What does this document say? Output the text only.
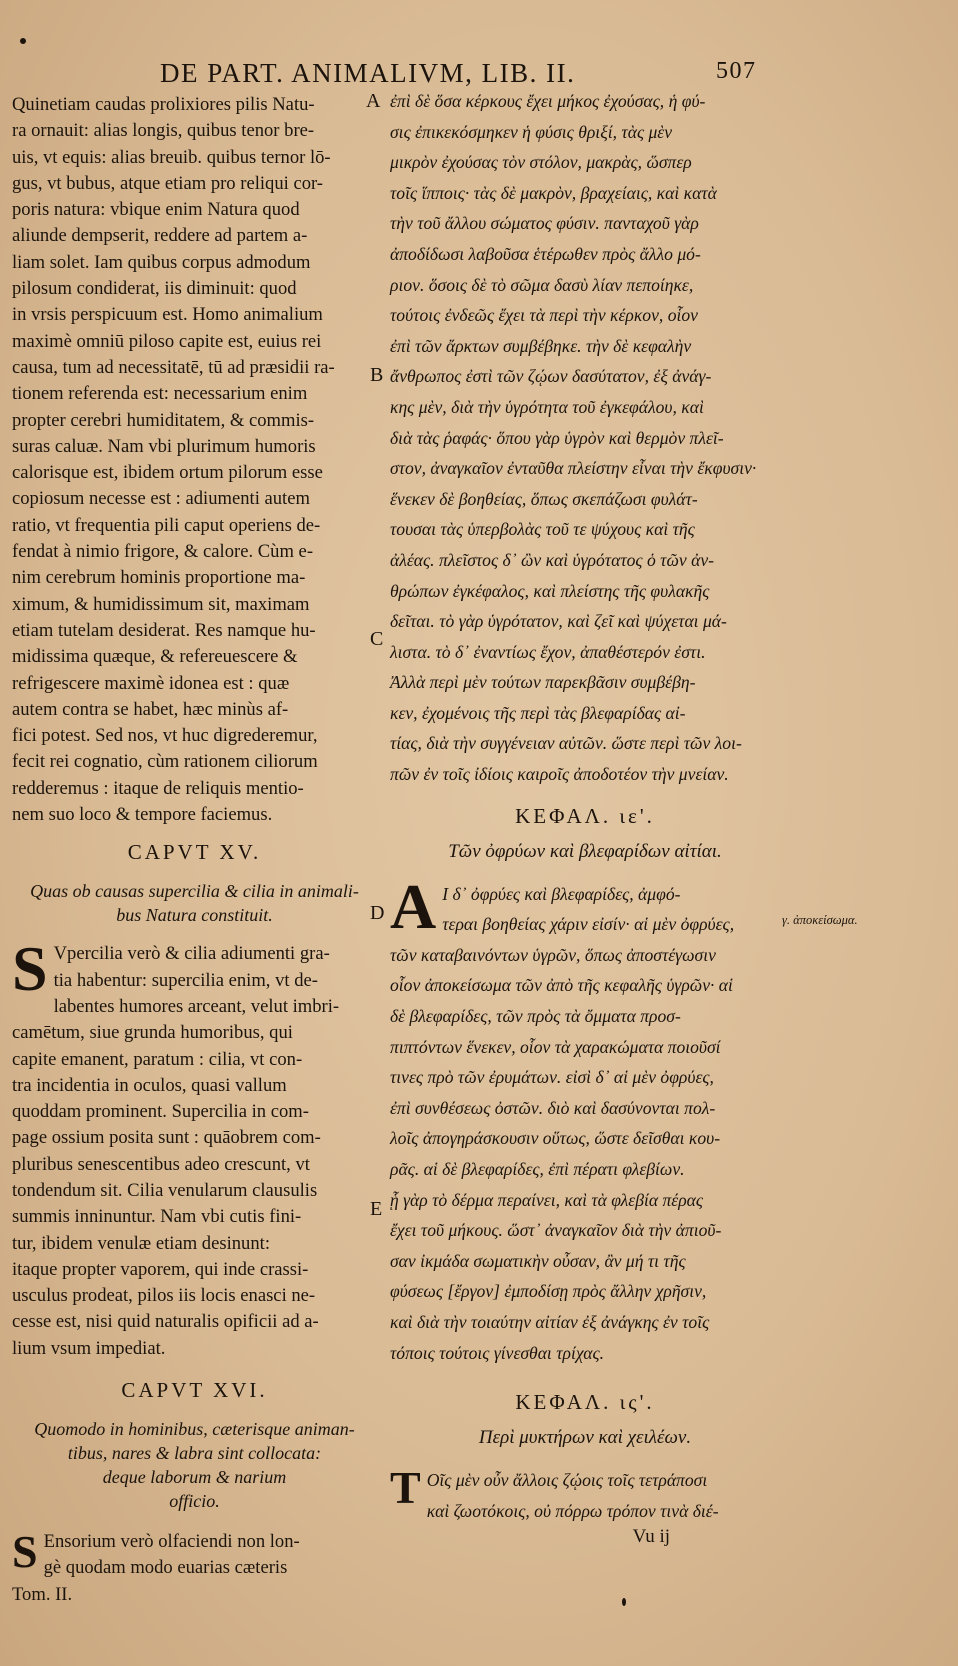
DE PART. ANIMALIVM, LIB. II.	507
Quinetiam caudas prolixiores pilis Natu-
ra ornauit: alias longis, quibus tenor bre-
uis, vt equis: alias breuib. quibus ternor lō-
gus, vt bubus, atque etiam pro reliqui cor-
poris natura: vbique enim Natura quod
aliunde dempserit, reddere ad partem a-
liam solet. Iam quibus corpus admodum
pilosum condiderat, iis diminuit: quod
in vrsis perspicuum est. Homo animalium
maximè omniū piloso capite est, euius rei
causa, tum ad necessitatē, tū ad præsidii ra-
tionem referenda est: necessarium enim
propter cerebri humiditatem, & commis-
suras caluæ. Nam vbi plurimum humoris
calorisque est, ibidem ortum pilorum esse
copiosum necesse est : adiumenti autem
ratio, vt frequentia pili caput operiens de-
fendat à nimio frigore, & calore. Cùm e-
nim cerebrum hominis proportione ma-
ximum, & humidissimum sit, maximam
etiam tutelam desiderat. Res namque hu-
midissima quæque, & refereuescere &
refrigescere maximè idonea est : quæ
autem contra se habet, hæc minùs af-
fici potest. Sed nos, vt huc digrederemur,
fecit rei cognatio, cùm rationem ciliorum
redderemus : itaque de reliquis mentio-
nem suo loco & tempore faciemus.
CAPVT XV.
Quas ob causas supercilia & cilia in animali-
bus Natura constituit.
S Vpercilia verò & cilia adiumenti gra-
tia habentur: supercilia enim, vt de-
labentes humores arceant, velut imbri-
camētum, siue grunda humoribus, qui
capite emanent, paratum : cilia, vt con-
tra incidentia in oculos, quasi vallum
quoddam prominent. Supercilia in com-
page ossium posita sunt : quāobrem com-
pluribus senescentibus adeo crescunt, vt
tondendum sit. Cilia venularum clausulis
summis inninuntur. Nam vbi cutis fini-
tur, ibidem venulæ etiam desinunt:
itaque propter vaporem, qui inde crassi-
usculus prodeat, pilos iis locis enasci ne-
cesse est, nisi quid naturalis opificii ad a-
lium vsum impediat.
CAPVT XVI.
Quomodo in hominibus, cæterisque animan-
tibus, nares & labra sint collocata:
deque laborum & narium
officio.
S Ensorium verò olfaciendi non lon-
gè quodam modo euarias cæteris
Tom. II.
ἐπὶ δὲ ὅσα κέρκους ἔχει μήκος ἐχούσας, ἡ φύ-
σις ἐπικεκόσμηκεν ἡ φύσις θριξί, τὰς μὲν
μικρὸν ἐχούσας τὸν στόλον, μακρὰς, ὥσπερ
τοῖς ἵπποις· τὰς δὲ μακρὸν, βραχείαις, καὶ κατὰ
τὴν τοῦ ἄλλου σώματος φύσιν. πανταχοῦ γὰρ
ἀποδίδωσι λαβοῦσα ἑτέρωθεν πρὸς ἄλλο μό-
ριον. ὅσοις δὲ τὸ σῶμα δασὺ λίαν πεποίηκε,
τούτοις ἐνδεῶς ἔχει τὰ περὶ τὴν κέρκον, οἷον
ἐπὶ τῶν ἄρκτων συμβέβηκε. τὴν δὲ κεφαλὴν
ἄνθρωπος ἐστὶ τῶν ζῴων δασύτατον, ἐξ ἀνάγ-
κης μὲν, διὰ τὴν ὑγρότητα τοῦ ἐγκεφάλου, καὶ
διὰ τὰς ῥαφάς· ὅπου γὰρ ὑγρὸν καὶ θερμὸν πλεῖ-
στον, ἀναγκαῖον ἐνταῦθα πλείστην εἶναι τὴν ἔκφυσιν·
ἕνεκεν δὲ βοηθείας, ὅπως σκεπάζωσι φυλάτ-
τουσαι τὰς ὑπερβολὰς τοῦ τε ψύχους καὶ τῆς
ἀλέας. πλεῖστος δ᾽ ὢν καὶ ὑγρότατος ὁ τῶν ἀν-
θρώπων ἐγκέφαλος, καὶ πλείστης τῆς φυλακῆς
δεῖται. τὸ γὰρ ὑγρότατον, καὶ ζεῖ καὶ ψύχεται μά-
λιστα. τὸ δ᾽ ἐναντίως ἔχον, ἀπαθέστερόν ἐστι.
Ἀλλὰ περὶ μὲν τούτων παρεκβᾶσιν συμβέβη-
κεν, ἐχομένοις τῆς περὶ τὰς βλεφαρίδας αἰ-
τίας, διὰ τὴν συγγένειαν αὐτῶν. ὥστε περὶ τῶν λοι-
πῶν ἐν τοῖς ἰδίοις καιροῖς ἀποδοτέον τὴν μνείαν.
ΚΕΦΑΛ. ιε'.
Τῶν ὀφρύων καὶ βλεφαρίδων αἰτίαι.
Α Ι δ᾽ ὀφρύες καὶ βλεφαρίδες, ἀμφό-
τεραι βοηθείας χάριν εἰσίν· αἱ μὲν ὀφρύες,
τῶν καταβαινόντων ὑγρῶν, ὅπως ἀποστέγωσιν
οἷον ἀποκείσωμα τῶν ἀπὸ τῆς κεφαλῆς ὑγρῶν· αἱ
δὲ βλεφαρίδες, τῶν πρὸς τὰ ὄμματα προσ-
πιπτόντων ἕνεκεν, οἷον τὰ χαρακώματα ποιοῦσί
τινες πρὸ τῶν ἐρυμάτων. εἰσὶ δ᾽ αἱ μὲν ὀφρύες,
ἐπὶ συνθέσεως ὀστῶν. διὸ καὶ δασύνονται πολ-
λοῖς ἀπογηράσκουσιν οὕτως, ὥστε δεῖσθαι κου-
ρᾶς. αἱ δὲ βλεφαρίδες, ἐπὶ πέρατι φλεβίων.
ᾗ γὰρ τὸ δέρμα περαίνει, καὶ τὰ φλεβία πέρας
ἔχει τοῦ μήκους. ὥστ᾽ ἀναγκαῖον διὰ τὴν ἀπιοῦ-
σαν ἰκμάδα σωματικὴν οὖσαν, ἂν μή τι τῆς
φύσεως [ἔργον] ἐμποδίσῃ πρὸς ἄλλην χρῆσιν,
καὶ διὰ τὴν τοιαύτην αἰτίαν ἐξ ἀνάγκης ἐν τοῖς
τόποις τούτοις γίνεσθαι τρίχας.
ΚΕΦΑΛ. ις'.
Περὶ μυκτήρων καὶ χειλέων.
Τ Οῖς μὲν οὖν ἄλλοις ζῴοις τοῖς τετράποσι
καὶ ζωοτόκοις, οὐ πόρρω τρόπον τινὰ διέ-
Vu ij
γ. ἀποκείσωμα.
A
B
C
D
E
